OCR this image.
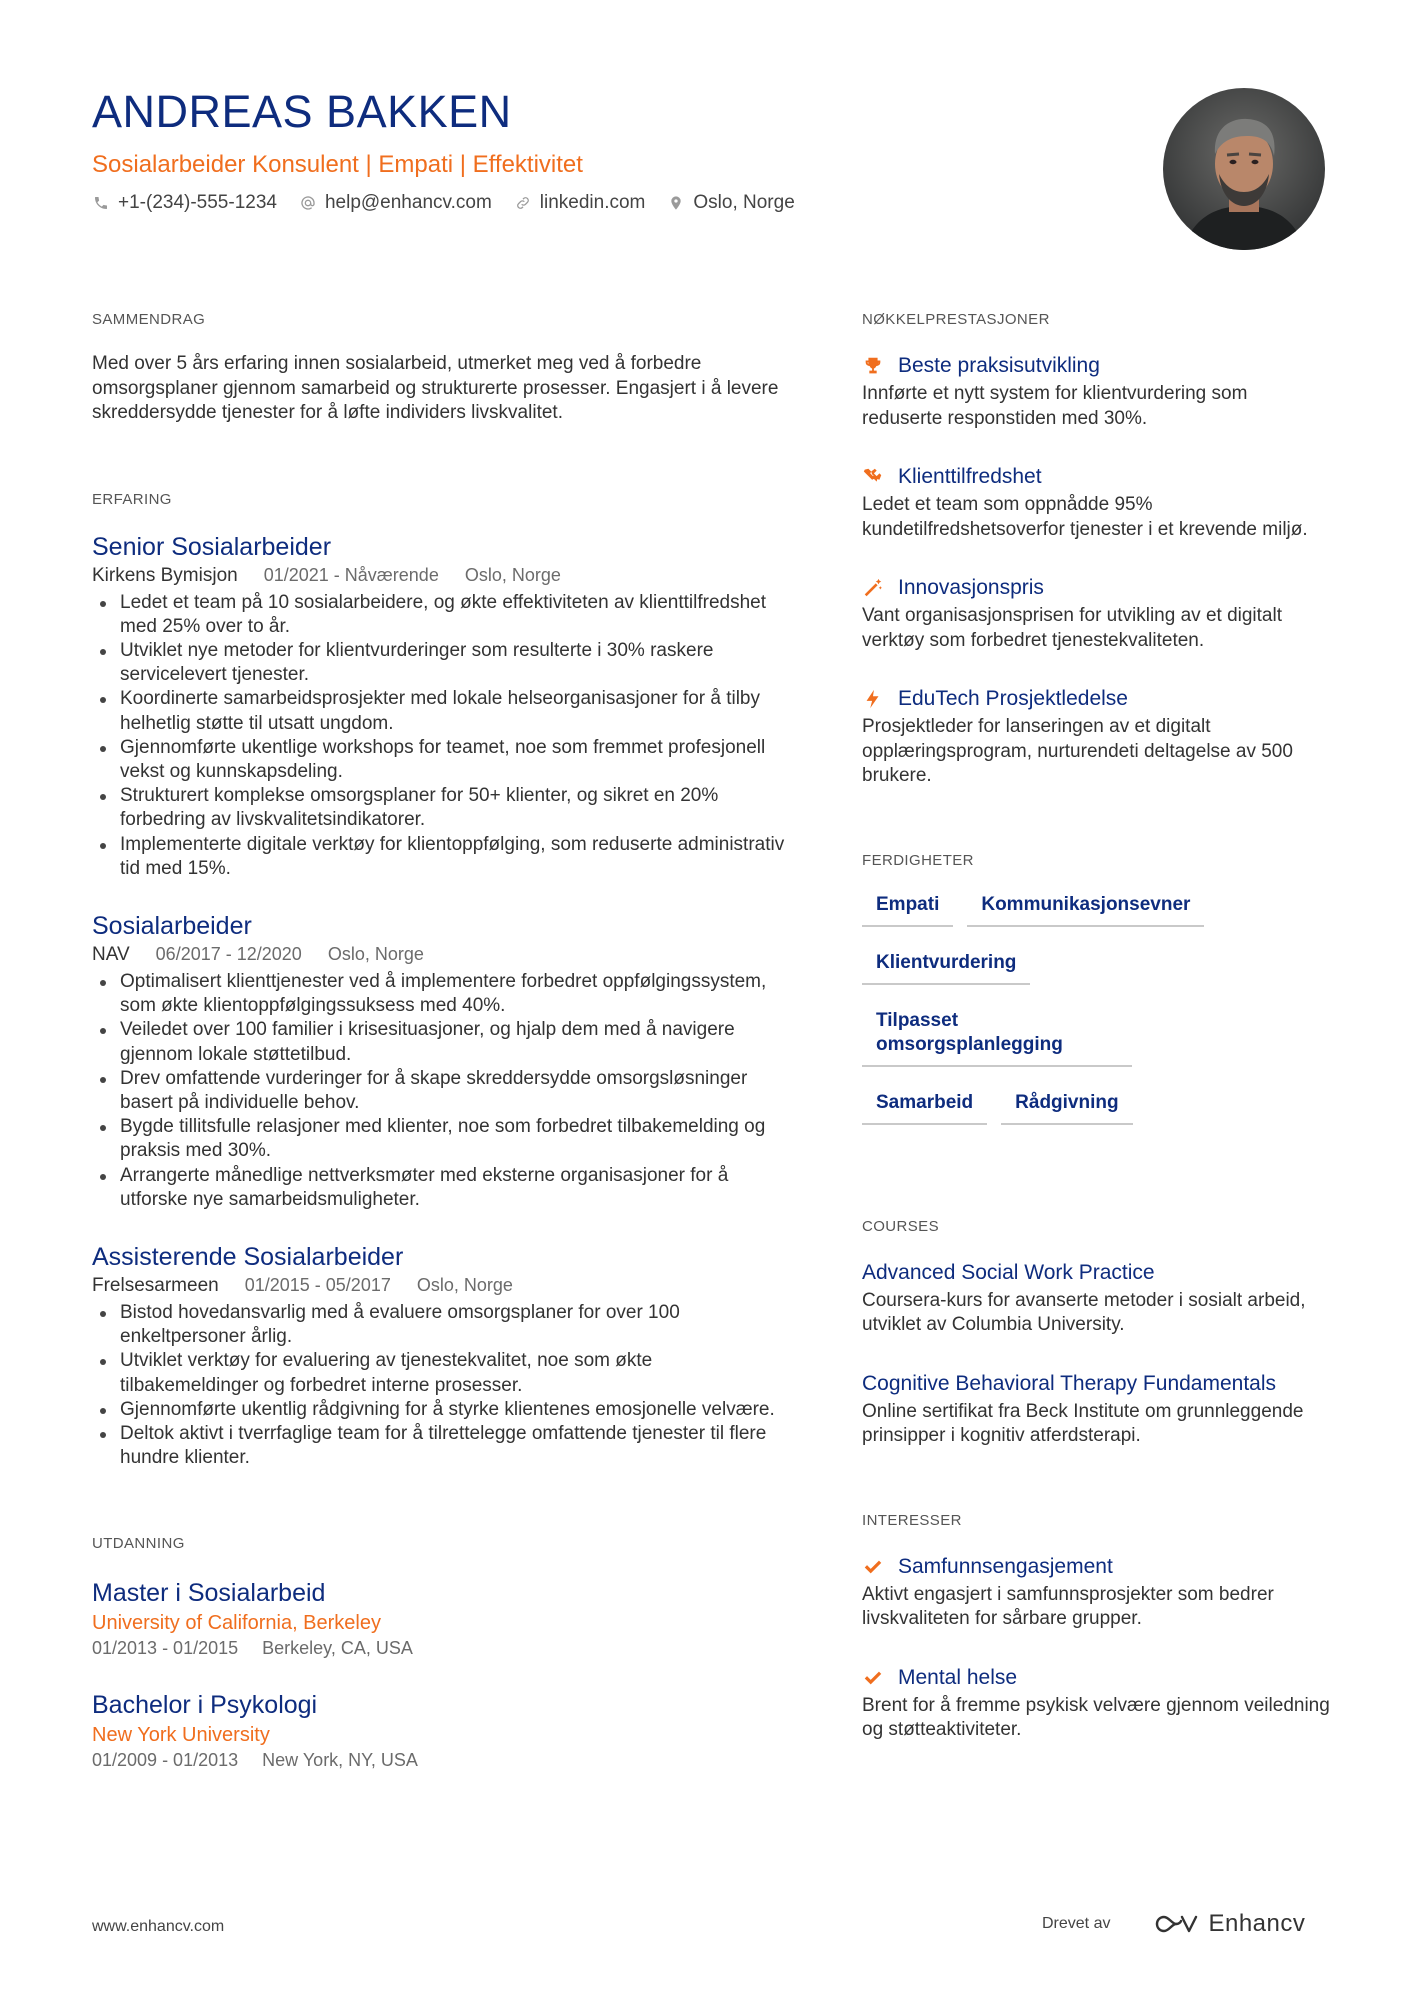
ANDREAS BAKKEN
Sosialarbeider Konsulent | Empati | Effektivitet
+1-(234)-555-1234	help@enhancv.com	linkedin.com	Oslo, Norge
SAMMENDRAG

Med over 5 års erfaring innen sosialarbeid, utmerket meg ved å forbedre omsorgsplaner gjennom samarbeid og strukturerte prosesser. Engasjert i å levere skreddersydde tjenester for å løfte individers livskvalitet.

ERFARING
Senior Sosialarbeider
Kirkens Bymisjon 01/2021 - Nåværende Oslo, Norge
Ledet et team på 10 sosialarbeidere, og økte effektiviteten av klienttilfredshet med 25% over to år.
Utviklet nye metoder for klientvurderinger som resulterte i 30% raskere servicelevert tjenester.
Koordinerte samarbeidsprosjekter med lokale helseorganisasjoner for å tilby helhetlig støtte til utsatt ungdom.
Gjennomførte ukentlige workshops for teamet, noe som fremmet profesjonell vekst og kunnskapsdeling.
Strukturert komplekse omsorgsplaner for 50+ klienter, og sikret en 20% forbedring av livskvalitetsindikatorer.
Implementerte digitale verktøy for klientoppfølging, som reduserte administrativ tid med 15%.
Sosialarbeider
NAV 06/2017 - 12/2020 Oslo, Norge
Optimalisert klienttjenester ved å implementere forbedret oppfølgingssystem, som økte klientoppfølgingssuksess med 40%.
Veiledet over 100 familier i krisesituasjoner, og hjalp dem med å navigere gjennom lokale støttetilbud.
Drev omfattende vurderinger for å skape skreddersydde omsorgsløsninger basert på individuelle behov.
Bygde tillitsfulle relasjoner med klienter, noe som forbedret tilbakemelding og praksis med 30%.
Arrangerte månedlige nettverksmøter med eksterne organisasjoner for å utforske nye samarbeidsmuligheter.
Assisterende Sosialarbeider
Frelsesarmeen 01/2015 - 05/2017 Oslo, Norge
Bistod hovedansvarlig med å evaluere omsorgsplaner for over 100 enkeltpersoner årlig.
Utviklet verktøy for evaluering av tjenestekvalitet, noe som økte tilbakemeldinger og forbedret interne prosesser.
Gjennomførte ukentlig rådgivning for å styrke klientenes emosjonelle velvære.
Deltok aktivt i tverrfaglige team for å tilrettelegge omfattende tjenester til flere hundre klienter.
UTDANNING
Master i Sosialarbeid
University of California, Berkeley
01/2013 - 01/2015 Berkeley, CA, USA
Bachelor i Psykologi
New York University
01/2009 - 01/2013 New York, NY, USA
NØKKELPRESTASJONER
Beste praksisutvikling
Innførte et nytt system for klientvurdering som reduserte responstiden med 30%.
Klienttilfredshet
Ledet et team som oppnådde 95% kundetilfredshetsoverfor tjenester i et krevende miljø.
Innovasjonspris
Vant organisasjonsprisen for utvikling av et digitalt verktøy som forbedret tjenestekvaliteten.
EduTech Prosjektledelse
Prosjektleder for lanseringen av et digitalt opplæringsprogram, nurturendeti deltagelse av 500 brukere.
FERDIGHETER
Empati	Kommunikasjonsevner
Klientvurdering
Tilpasset omsorgsplanlegging
Samarbeid	Rådgivning
COURSES
Advanced Social Work Practice
Coursera-kurs for avanserte metoder i sosialt arbeid, utviklet av Columbia University.
Cognitive Behavioral Therapy Fundamentals
Online sertifikat fra Beck Institute om grunnleggende prinsipper i kognitiv atferdsterapi.
INTERESSER
Samfunnsengasjement
Aktivt engasjert i samfunnsprosjekter som bedrer livskvaliteten for sårbare grupper.
Mental helse
Brent for å fremme psykisk velvære gjennom veiledning og støtteaktiviteter.
www.enhancv.com	Drevet av	Enhancv
